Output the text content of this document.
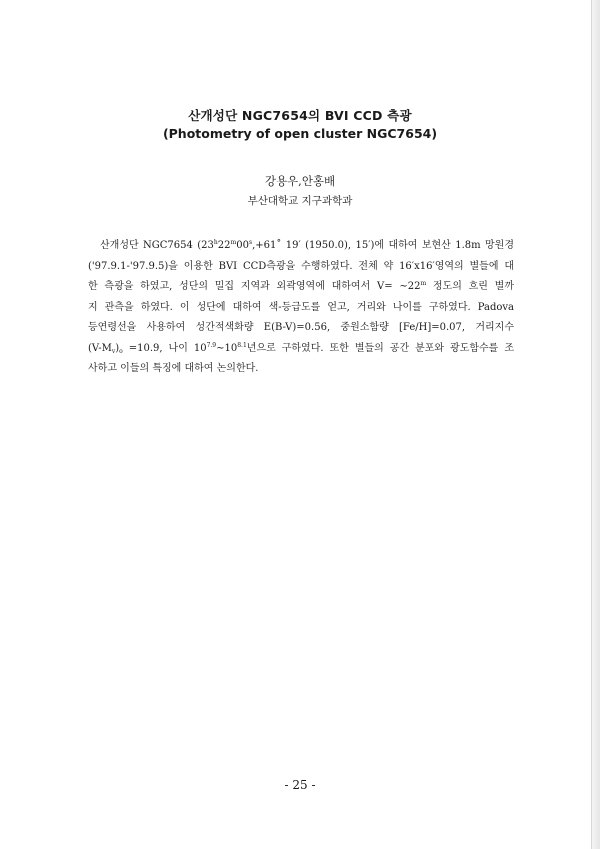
산개성단 NGC7654의 BVI CCD 측광
(Photometry of open cluster NGC7654)
강용우,안홍배
부산대학교 지구과학과
산개성단 NGC7654 ($23^h22^m00^s,+61˚$ 19′ (1950.0), 15′)에 대하여 보현산 1.8m 망원경
('97.9.1-'97.9.5)을 이용한 BVI CCD측광을 수행하였다. 전체 약 16′x16′영역의 별들에 대
한 측광을 하였고, 성단의 밀집 지역과 외곽영역에 대하여서 $V= \sim 22^m$ 정도의 흐린 별까
지 관측을 하였다. 이 성단에 대하여 색-등급도를 얻고, 거리와 나이를 구하였다. Padova
등연령선을 사용하여 성간적색화량 E(B-V)=0.56, 중원소함량 [Fe/H]=0.07, 거리지수
$(V-M_v)_o =10.9$, 나이 $10^{7.9}\sim 10^{8.1}$년으로 구하였다. 또한 별들의 공간 분포와 광도함수를 조
사하고 이들의 특징에 대하여 논의한다.
- 25 -
